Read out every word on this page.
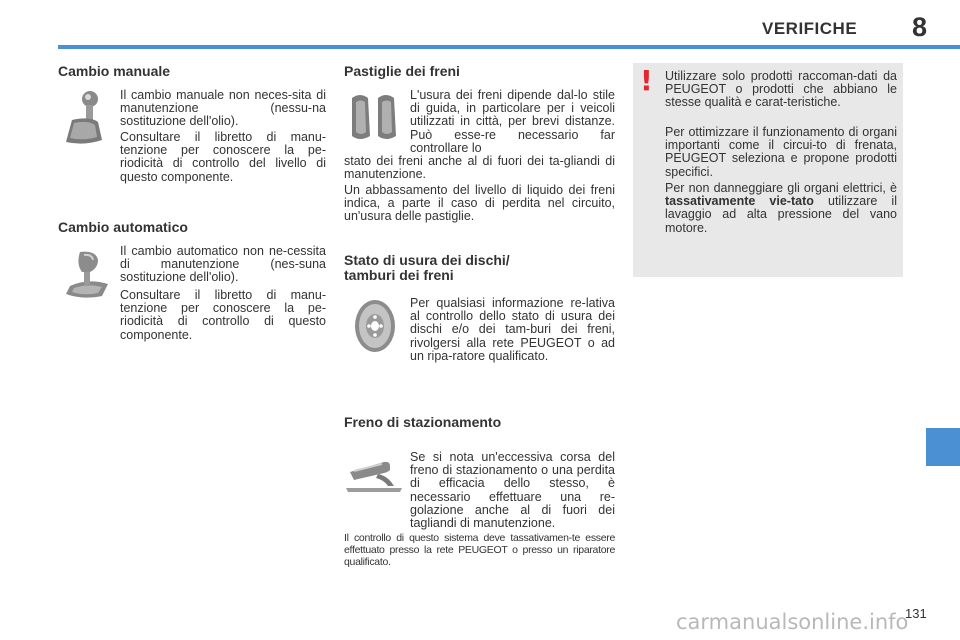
VERIFICHE 8
Cambio manuale

Il cambio manuale non neces-sita di manutenzione (nessu-na sostituzione dell'olio).

Consultare il libretto di manu-tenzione per conoscere la pe-riodicità di controllo del livello di questo componente.

Cambio automatico

Il cambio automatico non ne-cessita di manutenzione (nes-suna sostituzione dell'olio).

Consultare il libretto di manu-tenzione per conoscere la pe-riodicità di controllo di questo componente.

Pastiglie dei freni

L'usura dei freni dipende dal-lo stile di guida, in particolare per i veicoli utilizzati in città, per brevi distanze. Può esse-re necessario far controllare lo

stato dei freni anche al di fuori dei ta-gliandi di manutenzione.

Un abbassamento del livello di liquido dei freni indica, a parte il caso di perdita nel circuito, un'usura delle pastiglie.

Stato di usura dei dischi/
tamburi dei freni

Per qualsiasi informazione re-lativa al controllo dello stato di usura dei dischi e/o dei tam-buri dei freni, rivolgersi alla rete PEUGEOT o ad un ripa-ratore qualificato.

Freno di stazionamento

Se si nota un'eccessiva corsa del freno di stazionamento o una perdita di efficacia dello stesso, è necessario effettuare una re-golazione anche al di fuori dei tagliandi di manutenzione.

Il controllo di questo sistema deve tassativamen-te essere effettuato presso la rete PEUGEOT o presso un riparatore qualificato.

! Utilizzare solo prodotti raccoman-dati da PEUGEOT o prodotti che abbiano le stesse qualità e carat-teristiche.

Per ottimizzare il funzionamento di organi importanti come il circui-to di frenata, PEUGEOT seleziona e propone prodotti specifici.

Per non danneggiare gli organi elettrici, è tassativamente vie-tato utilizzare il lavaggio ad alta pressione del vano motore.

carmanualsonline.info
131
